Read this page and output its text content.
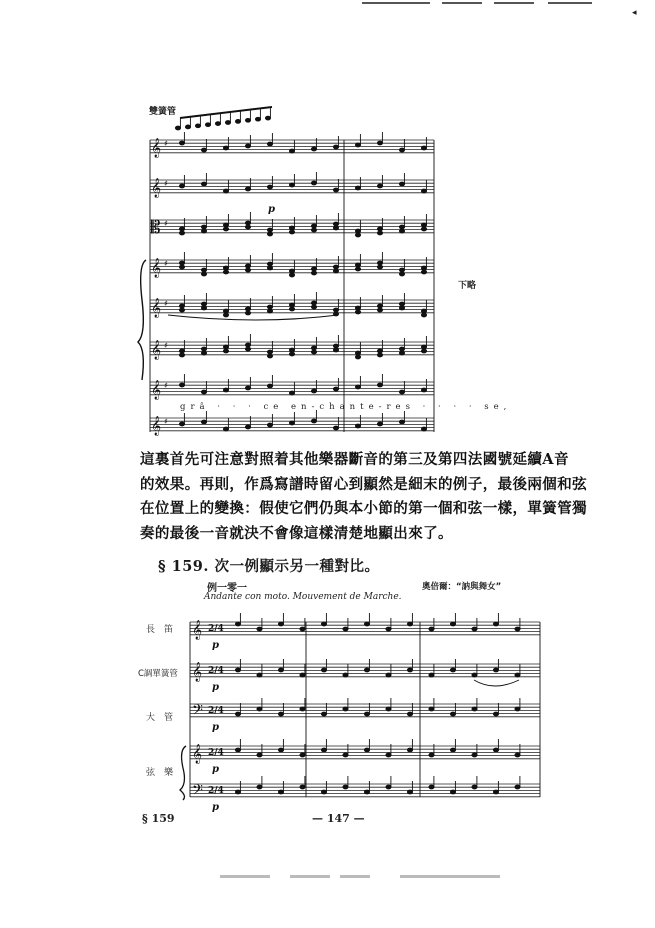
◂
雙簧管
𝄞 ♯
𝄞 ♯
𝄡 ♯
𝄞 ♯
𝄞 ♯
𝄞 ♯
𝄞 ♯
𝄞 ♯
p
下略
grâ · · · ce en-chante-res · · · · se,
這裏首先可注意對照着其他樂器斷音的第三及第四法國號延續A音
的效果。再則，作爲寫譜時留心到顯然是細末的例子，最後兩個和弦
在位置上的變換：假使它們仍與本小節的第一個和弦一樣，單簧管獨
奏的最後一音就決不會像這樣清楚地顯出來了。
§ 159. 次一例顯示另一種對比。
例一零一	奧倍爾：“訥與舞女”
Andante con moto. Mouvement de Marche.
長　笛
C調單簧管
大　管
弦　樂
𝄞 2/4
p
𝄞 2/4
p
𝄢 2/4
p
𝄞 2/4
p
𝄢 2/4
p
§ 159	— 147 —
